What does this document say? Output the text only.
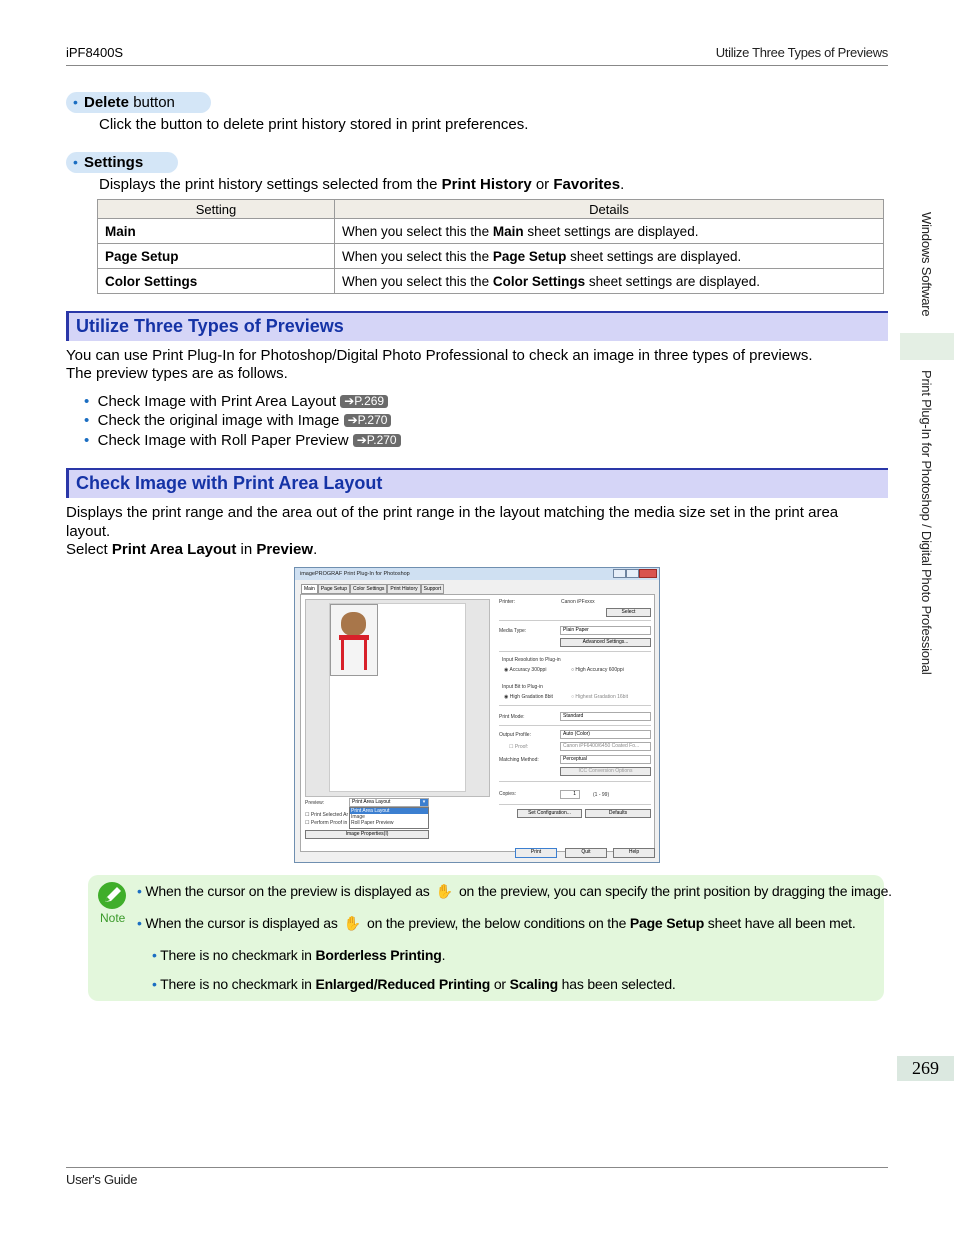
iPF8400S	Utilize Three Types of Previews
Windows Software
Print Plug-In for Photoshop / Digital Photo Professional
• Delete button
Click the button to delete print history stored in print preferences.
• Settings
Displays the print history settings selected from the Print History or Favorites.
Setting	Details
Main	When you select this the Main sheet settings are displayed.
Page Setup	When you select this the Page Setup sheet settings are displayed.
Color Settings	When you select this the Color Settings sheet settings are displayed.
Utilize Three Types of Previews
You can use Print Plug-In for Photoshop/Digital Photo Professional to check an image in three types of previews.
The preview types are as follows.
• Check Image with Print Area Layout ➔P.269
• Check the original image with Image ➔P.270
• Check Image with Roll Paper Preview ➔P.270
Check Image with Print Area Layout
Displays the print range and the area out of the print range in the layout matching the media size set in the print area layout.
Select Print Area Layout in Preview.
imagePROGRAF Print Plug-In for Photoshop
Main Page Setup Color Settings Print History Support
Preview:	Print Area Layout	▾
Print Area Layout
Image
Roll Paper Preview
☐ Print Selected Ar
☐ Perform Proof in
Image Properties(I)
Printer:	Canon iPFxxxx
Select
Media Type:	Plain Paper
Advanced Settings...
Input Resolution to Plug-in
◉ Accuracy 300ppi	○ High Accuracy 600ppi
Input Bit to Plug-in
◉ High Gradation 8bit	○ Highest Gradation 16bit
Print Mode:	Standard
Output Profile:	Auto (Color)
☐ Proof:	Canon iPF6400/6450 Coated Fo...
Matching Method:	Perceptual
ICC Conversion Options
Copies:	1	(1 - 99)
Set Configuration...	Defaults
Print	Quit	Help
Note
• When the cursor on the preview is displayed as ✋ on the preview, you can specify the print position by dragging the image.
• When the cursor is displayed as ✋ on the preview, the below conditions on the Page Setup sheet have all been met.
• There is no checkmark in Borderless Printing.
• There is no checkmark in Enlarged/Reduced Printing or Scaling has been selected.
269
User's Guide
